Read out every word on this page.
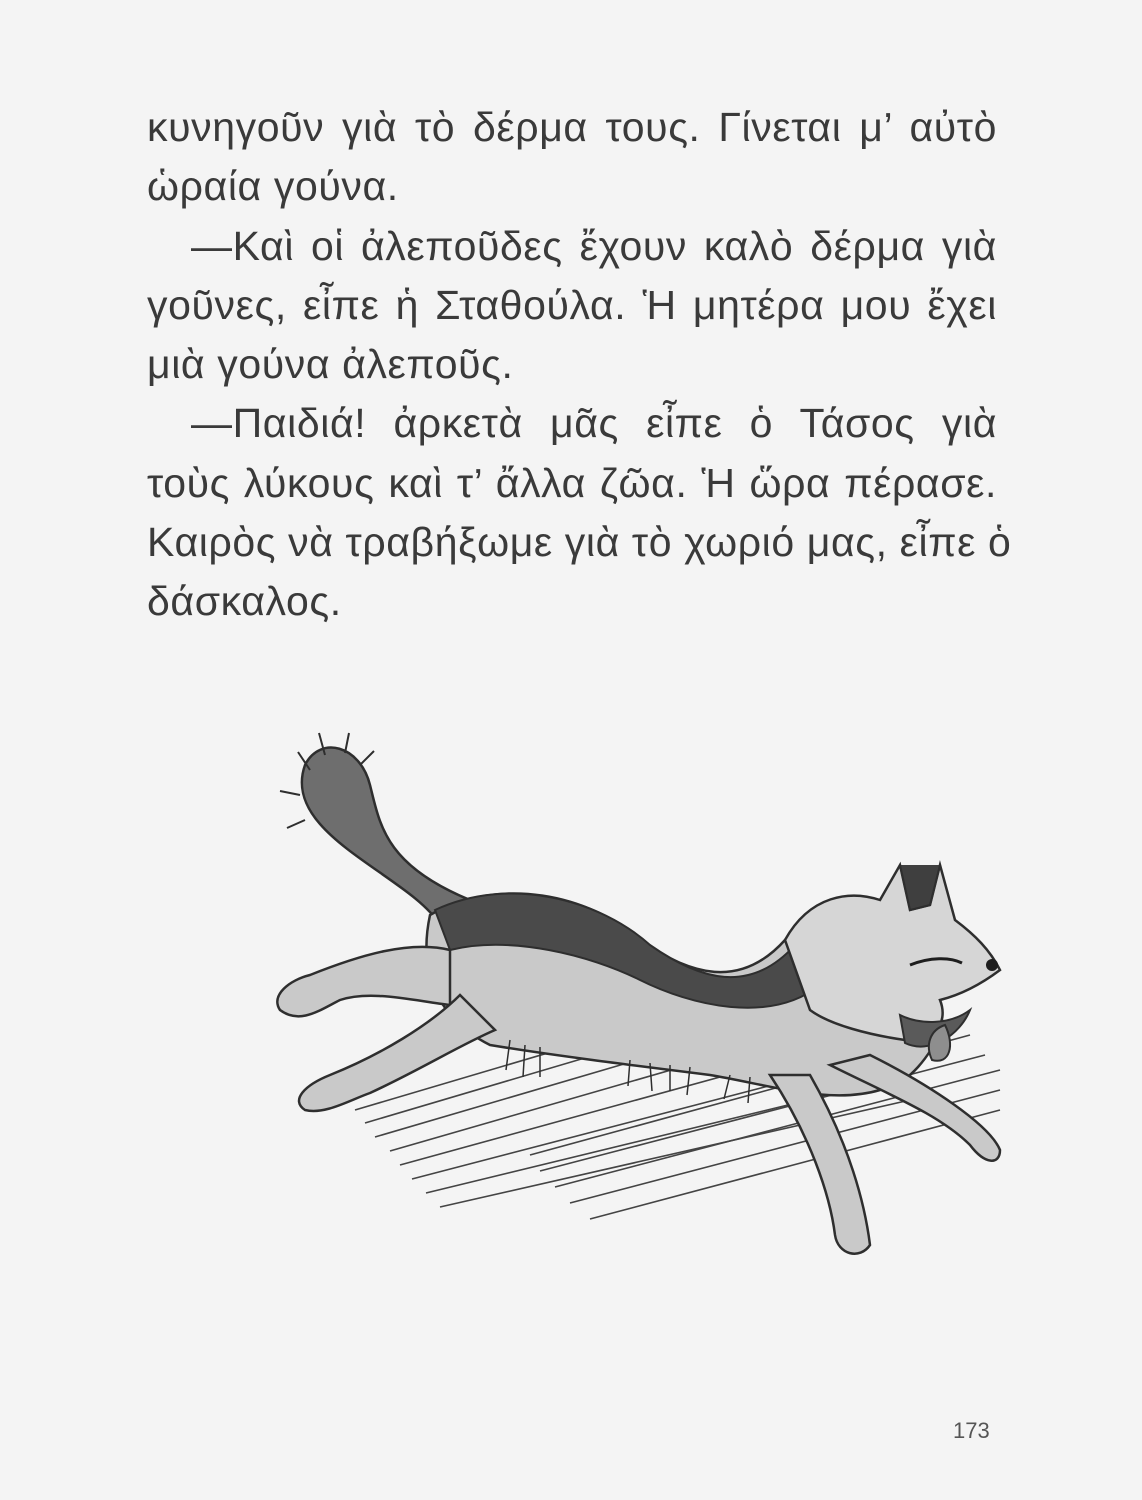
κυνηγοῦν γιὰ τὸ δέρμα τους. Γίνεται μ’ αὐτὸ
ὡραία γούνα.

—Καὶ οἱ ἀλεποῦδες ἔχουν καλὸ δέρμα γιὰ
γοῦνες, εἶπε ἡ Σταθούλα. Ἡ μητέρα μου ἔχει
μιὰ γούνα ἀλεποῦς.

—Παιδιά! ἀρκετὰ μᾶς εἶπε ὁ Τάσος γιὰ
τοὺς λύκους καὶ τ’ ἄλλα ζῶα. Ἡ ὥρα πέρασε.
Καιρὸς νὰ τραβήξωμε γιὰ τὸ χωριό μας, εἶπε ὁ
δάσκαλος.

173
